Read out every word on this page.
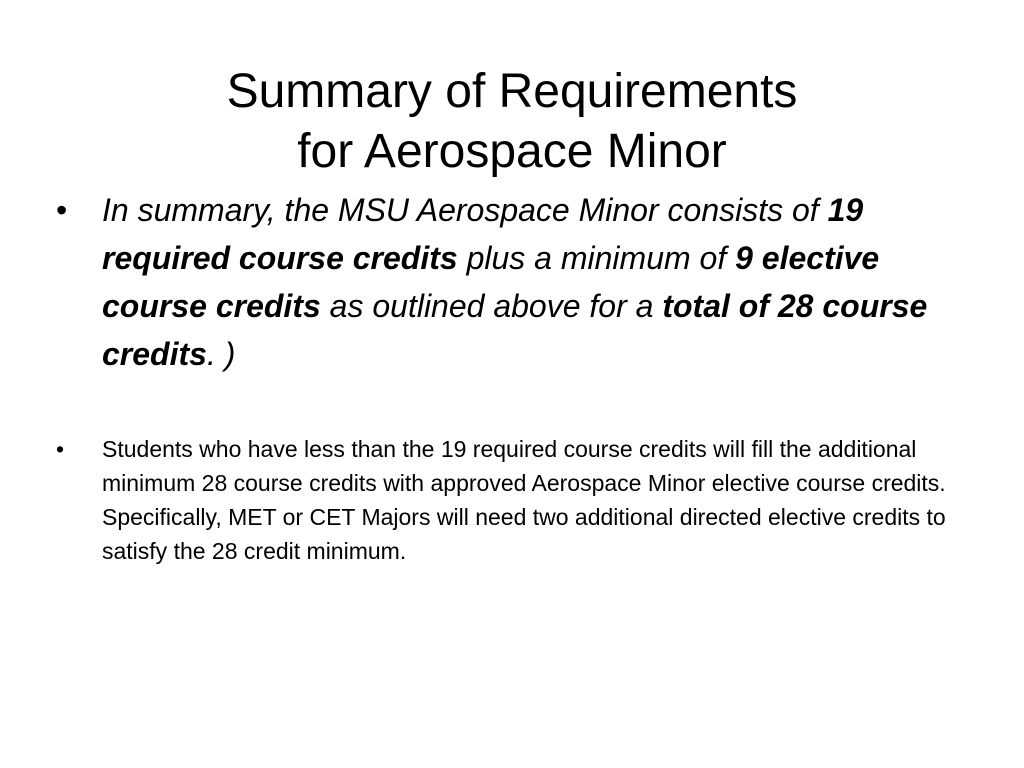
Summary of Requirements
for Aerospace Minor
• In summary, the MSU Aerospace Minor consists of 19 required course credits plus a minimum of 9 elective course credits as outlined above for a total of 28 course credits. )
• Students who have less than the 19 required course credits will fill the additional minimum 28 course credits with approved Aerospace Minor elective course credits. Specifically, MET or CET Majors will need two additional directed elective credits to satisfy the 28 credit minimum.
